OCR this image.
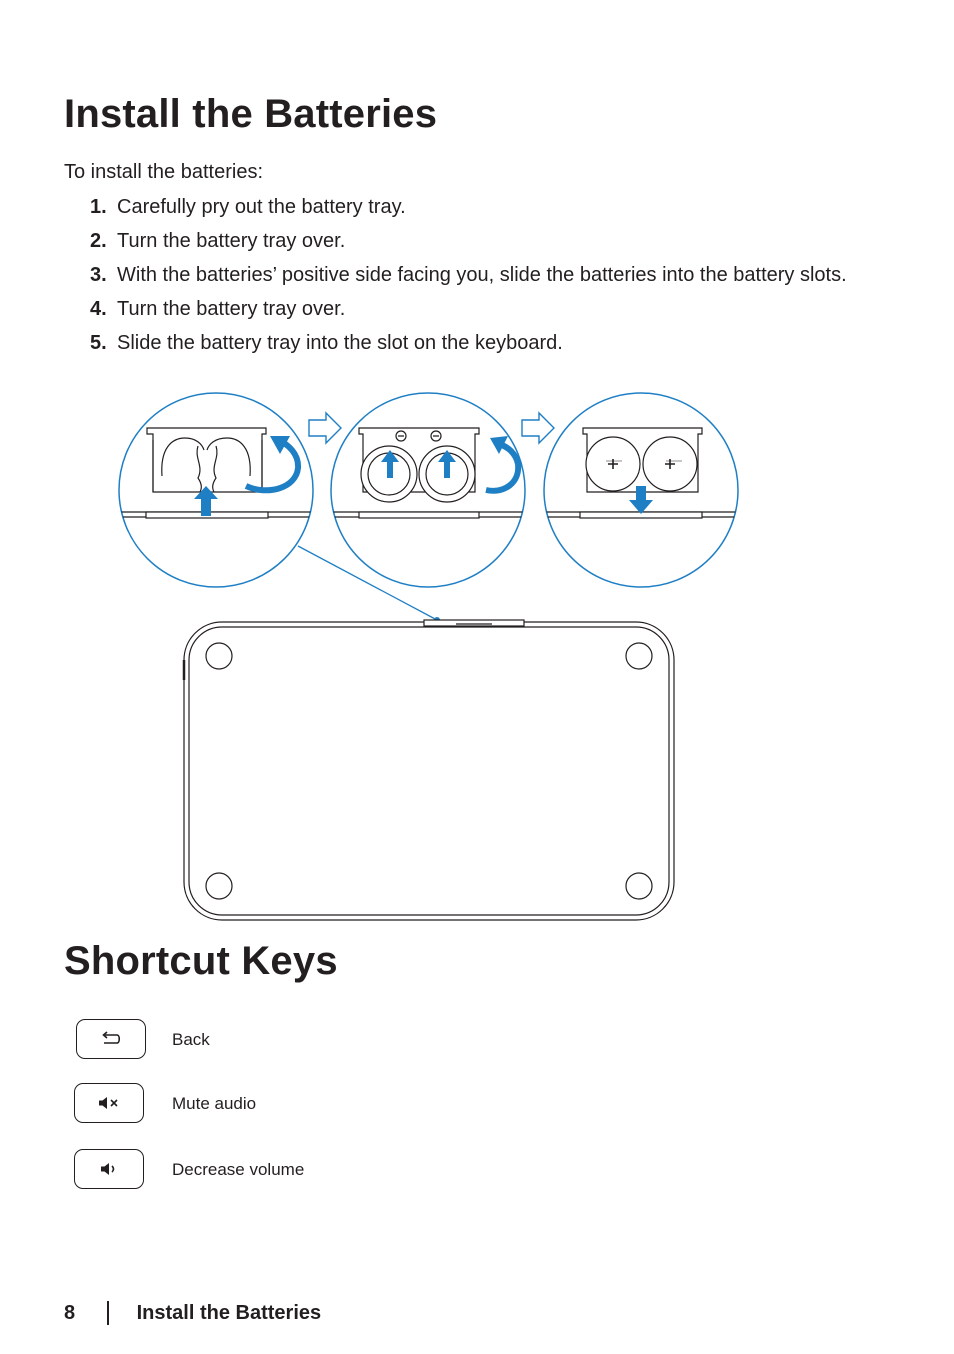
Install the Batteries
To install the batteries:
1. Carefully pry out the battery tray.
2. Turn the battery tray over.
3. With the batteries’ positive side facing you, slide the batteries into the battery slots.
4. Turn the battery tray over.
5. Slide the battery tray into the slot on the keyboard.
Shortcut Keys
Back
Mute audio
Decrease volume
8	Install the Batteries
